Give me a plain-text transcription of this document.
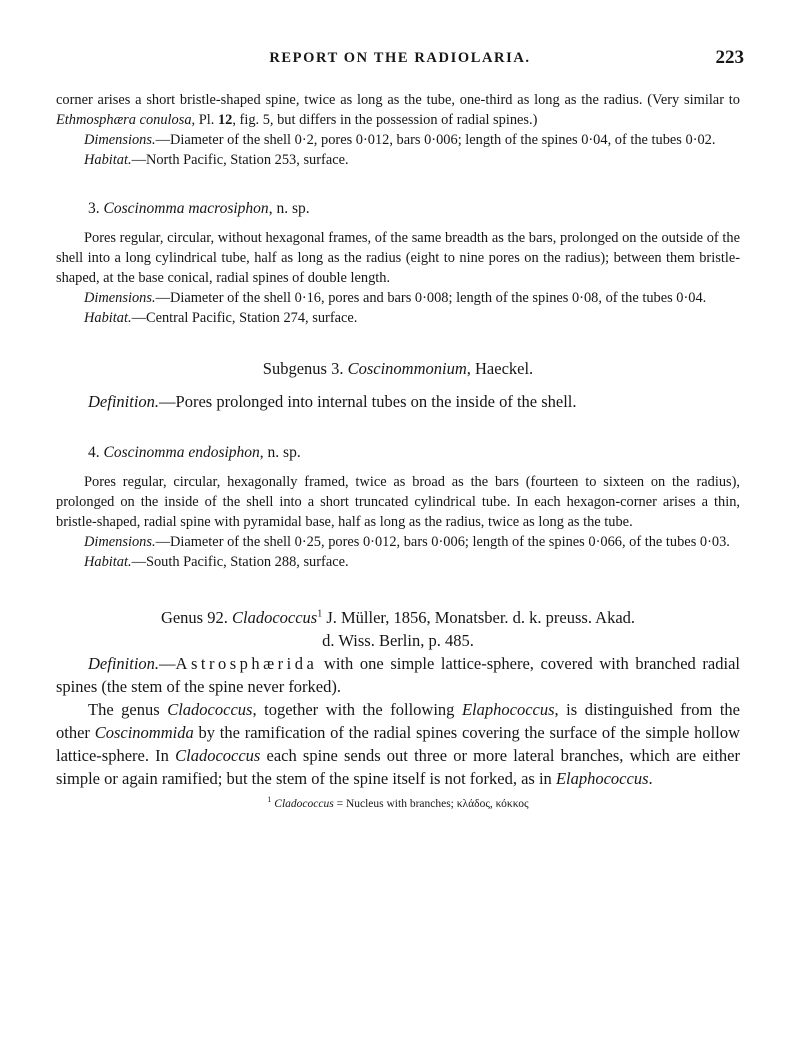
REPORT ON THE RADIOLARIA.	223

corner arises a short bristle-shaped spine, twice as long as the tube, one-third as long as the radius. (Very similar to Ethmosphæra conulosa, Pl. 12, fig. 5, but differs in the possession of radial spines.)

Dimensions.—Diameter of the shell 0·2, pores 0·012, bars 0·006; length of the spines 0·04, of the tubes 0·02.

Habitat.—North Pacific, Station 253, surface.

3. Coscinomma macrosiphon, n. sp.

Pores regular, circular, without hexagonal frames, of the same breadth as the bars, prolonged on the outside of the shell into a long cylindrical tube, half as long as the radius (eight to nine pores on the radius); between them bristle-shaped, at the base conical, radial spines of double length.

Dimensions.—Diameter of the shell 0·16, pores and bars 0·008; length of the spines 0·08, of the tubes 0·04.

Habitat.—Central Pacific, Station 274, surface.

Subgenus 3. Coscinommonium, Haeckel.

Definition.—Pores prolonged into internal tubes on the inside of the shell.

4. Coscinomma endosiphon, n. sp.

Pores regular, circular, hexagonally framed, twice as broad as the bars (fourteen to sixteen on the radius), prolonged on the inside of the shell into a short truncated cylindrical tube. In each hexagon-corner arises a thin, bristle-shaped, radial spine with pyramidal base, half as long as the radius, twice as long as the tube.

Dimensions.—Diameter of the shell 0·25, pores 0·012, bars 0·006; length of the spines 0·066, of the tubes 0·03.

Habitat.—South Pacific, Station 288, surface.

Genus 92. Cladococcus$^1$ J. Müller, 1856, Monatsber. d. k. preuss. Akad.
d. Wiss. Berlin, p. 485.

Definition.—Astrosphærida with one simple lattice-sphere, covered with branched radial spines (the stem of the spine never forked).

The genus Cladococcus, together with the following Elaphococcus, is distinguished from the other Coscinommida by the ramification of the radial spines covering the surface of the simple hollow lattice-sphere. In Cladococcus each spine sends out three or more lateral branches, which are either simple or again ramified; but the stem of the spine itself is not forked, as in Elaphococcus.

$^1$ Cladococcus = Nucleus with branches; κλάδος, κόκκος
